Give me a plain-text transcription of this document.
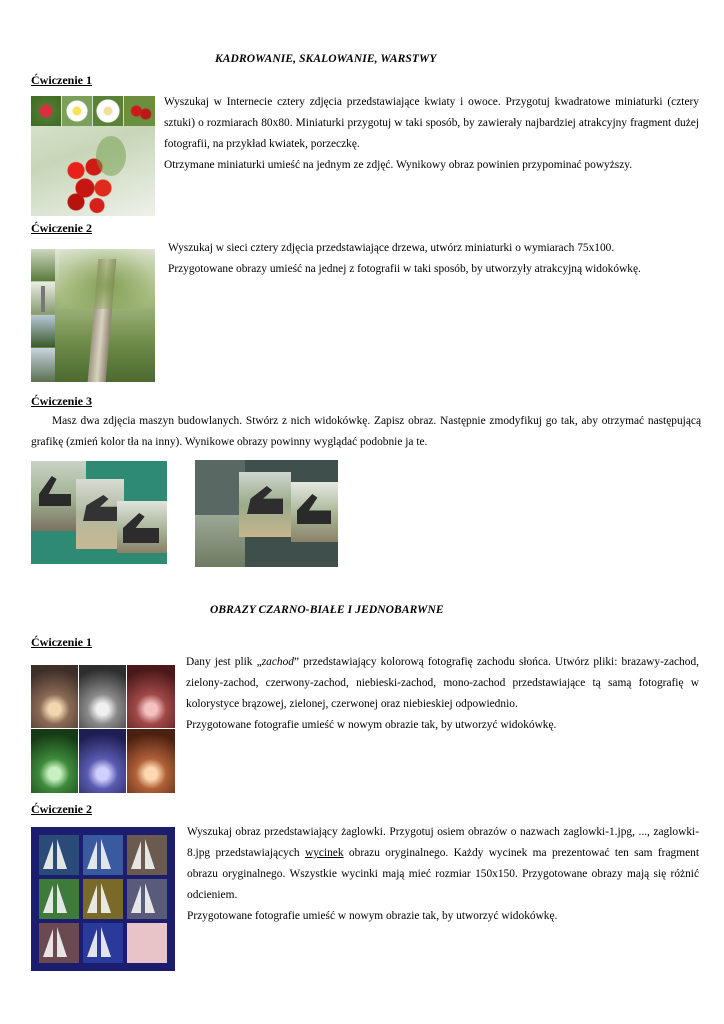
KADROWANIE, SKALOWANIE, WARSTWY
Ćwiczenie 1

Wyszukaj w Internecie cztery zdjęcia przedstawiające kwiaty i owoce. Przygotuj kwadratowe miniaturki (cztery sztuki) o rozmiarach 80x80. Miniaturki przygotuj w taki sposób, by zawierały najbardziej atrakcyjny fragment dużej fotografii, na przykład kwiatek, porzeczkę.

Otrzymane miniaturki umieść na jednym ze zdjęć. Wynikowy obraz powinien przypominać powyższy.

Ćwiczenie 2

Wyszukaj w sieci cztery zdjęcia przedstawiające drzewa, utwórz miniaturki o wymiarach 75x100.

Przygotowane obrazy umieść na jednej z fotografii w taki sposób, by utworzyły atrakcyjną widokówkę.

Ćwiczenie 3

Masz dwa zdjęcia maszyn budowlanych. Stwórz z nich widokówkę. Zapisz obraz. Następnie zmodyfikuj go tak, aby otrzymać następującą grafikę (zmień kolor tła na inny). Wynikowe obrazy powinny wyglądać podobnie ja te.

OBRAZY CZARNO-BIAŁE I JEDNOBARWNE
Ćwiczenie 1

Dany jest plik „zachod” przedstawiający kolorową fotografię zachodu słońca. Utwórz pliki: brazawy-zachod, zielony-zachod, czerwony-zachod, niebieski-zachod, mono-zachod przedstawiające tą samą fotografię w kolorystyce brązowej, zielonej, czerwonej oraz niebieskiej odpowiednio.

Przygotowane fotografie umieść w nowym obrazie tak, by utworzyć widokówkę.

Ćwiczenie 2

Wyszukaj obraz przedstawiający żaglowki. Przygotuj osiem obrazów o nazwach zaglowki-1.jpg, ..., zaglowki-8.jpg przedstawiających wycinek obrazu oryginalnego. Każdy wycinek ma prezentować ten sam fragment obrazu oryginalnego. Wszystkie wycinki mają mieć rozmiar 150x150. Przygotowane obrazy mają się różnić odcieniem.

Przygotowane fotografie umieść w nowym obrazie tak, by utworzyć widokówkę.
